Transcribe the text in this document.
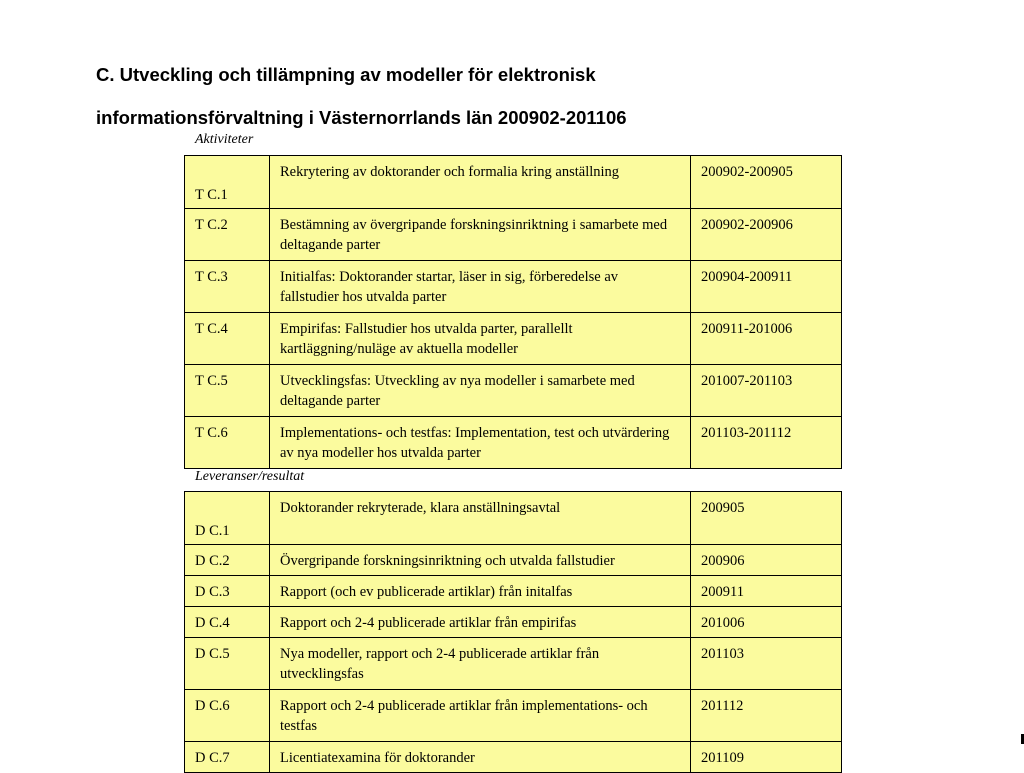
C. Utveckling och tillämpning av modeller för elektronisk
informationsförvaltning i Västernorrlands län 200902-201106
Aktiviteter
T C.1	Rekrytering av doktorander och formalia kring anställning	200902-200905
T C.2	Bestämning av övergripande forskningsinriktning i samarbete med deltagande parter	200902-200906
T C.3	Initialfas: Doktorander startar, läser in sig, förberedelse av fallstudier hos utvalda parter	200904-200911
T C.4	Empirifas: Fallstudier hos utvalda parter, parallellt kartläggning/nuläge av aktuella modeller	200911-201006
T C.5	Utvecklingsfas: Utveckling av nya modeller i samarbete med deltagande parter	201007-201103
T C.6	Implementations- och testfas: Implementation, test och utvärdering av nya modeller hos utvalda parter	201103-201112
Leveranser/resultat
D C.1	Doktorander rekryterade, klara anställningsavtal	200905
D C.2	Övergripande forskningsinriktning och utvalda fallstudier	200906
D C.3	Rapport (och ev publicerade artiklar) från initalfas	200911
D C.4	Rapport och 2-4 publicerade artiklar från empirifas	201006
D C.5	Nya modeller, rapport och 2-4 publicerade artiklar från utvecklingsfas	201103
D C.6	Rapport och 2-4 publicerade artiklar från implementations- och testfas	201112
D C.7	Licentiatexamina för doktorander	201109
